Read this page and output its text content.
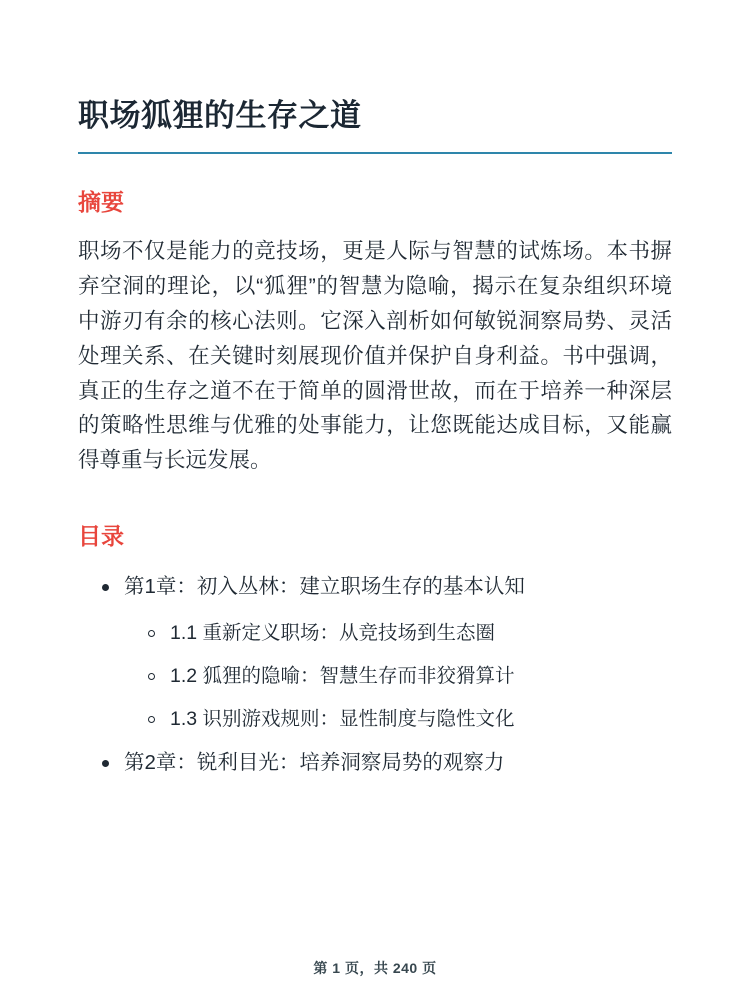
职场狐狸的生存之道
摘要

职场不仅是能力的竞技场，更是人际与智慧的试炼场。本书摒弃空洞的理论，以“狐狸”的智慧为隐喻，揭示在复杂组织环境中游刃有余的核心法则。它深入剖析如何敏锐洞察局势、灵活处理关系、在关键时刻展现价值并保护自身利益。书中强调，真正的生存之道不在于简单的圆滑世故，而在于培养一种深层的策略性思维与优雅的处事能力，让您既能达成目标，又能赢得尊重与长远发展。

目录
第1章：初入丛林：建立职场生存的基本认知
1.1 重新定义职场：从竞技场到生态圈
1.2 狐狸的隐喻：智慧生存而非狡猾算计
1.3 识别游戏规则：显性制度与隐性文化
第2章：锐利目光：培养洞察局势的观察力
第 1 页，共 240 页
